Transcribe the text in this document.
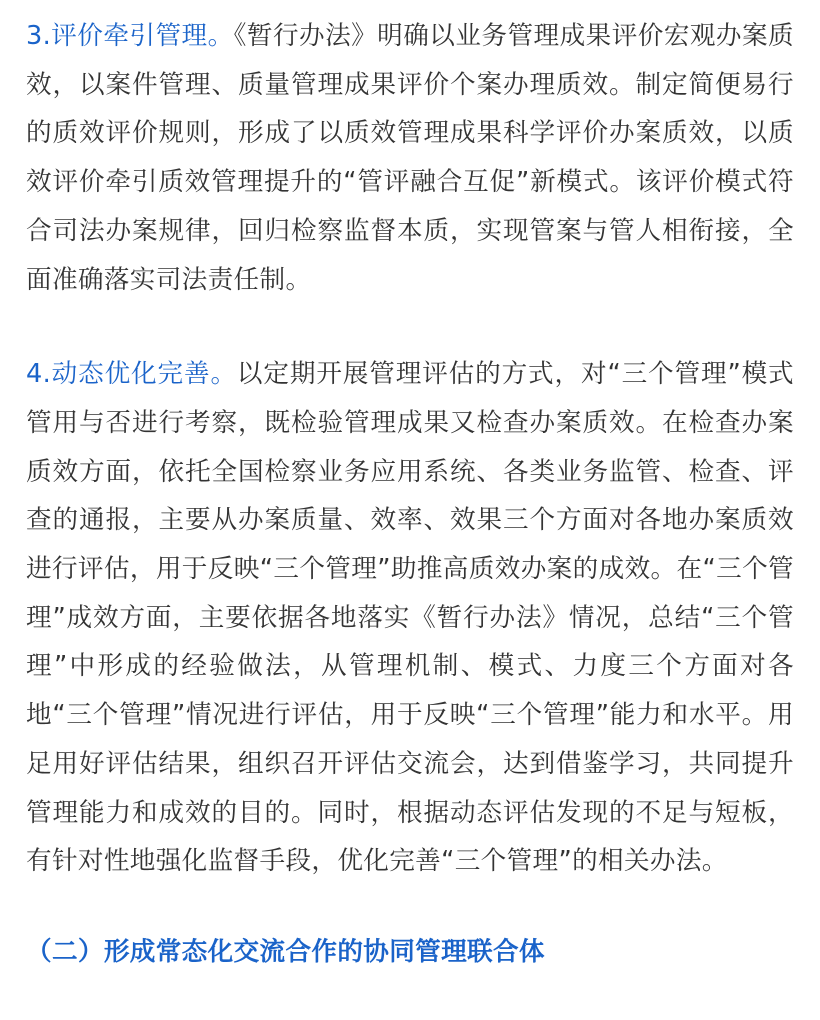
3.评价牵引管理。《暂行办法》明确以业务管理成果评价宏观办案质效，以案件管理、质量管理成果评价个案办理质效。制定简便易行的质效评价规则，形成了以质效管理成果科学评价办案质效，以质效评价牵引质效管理提升的“管评融合互促”新模式。该评价模式符合司法办案规律，回归检察监督本质，实现管案与管人相衔接，全面准确落实司法责任制。

4.动态优化完善。以定期开展管理评估的方式，对“三个管理”模式管用与否进行考察，既检验管理成果又检查办案质效。在检查办案质效方面，依托全国检察业务应用系统、各类业务监管、检查、评查的通报，主要从办案质量、效率、效果三个方面对各地办案质效进行评估，用于反映“三个管理”助推高质效办案的成效。在“三个管理”成效方面，主要依据各地落实《暂行办法》情况，总结“三个管理”中形成的经验做法，从管理机制、模式、力度三个方面对各地“三个管理”情况进行评估，用于反映“三个管理”能力和水平。用足用好评估结果，组织召开评估交流会，达到借鉴学习，共同提升管理能力和成效的目的。同时，根据动态评估发现的不足与短板，有针对性地强化监督手段，优化完善“三个管理”的相关办法。

（二）形成常态化交流合作的协同管理联合体
